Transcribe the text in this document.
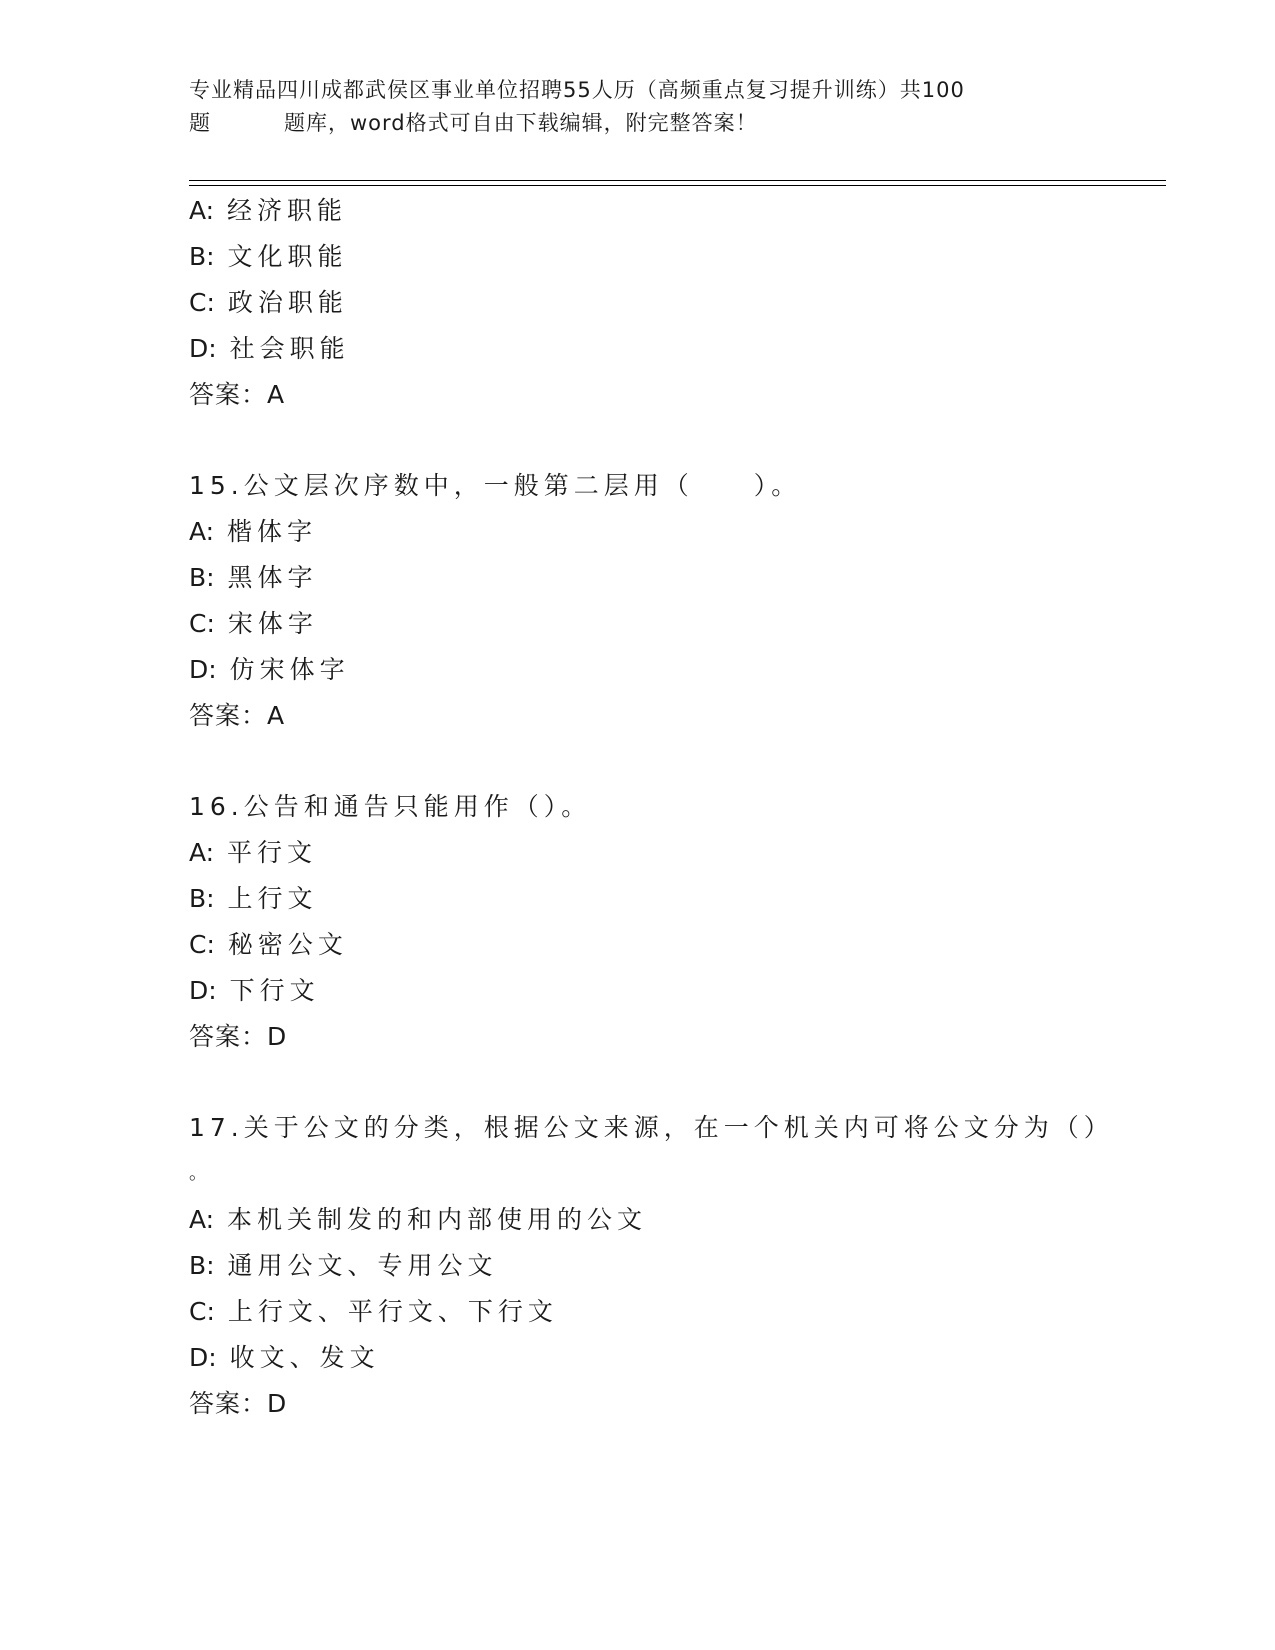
专业精品四川成都武侯区事业单位招聘55人历（高频重点复习提升训练）共100
题	题库，word格式可自由下载编辑，附完整答案！
A: 经济职能
B: 文化职能
C: 政治职能
D: 社会职能
答案：A
15.公文层次序数中，一般第二层用（　　）。
A: 楷体字
B: 黑体字
C: 宋体字
D: 仿宋体字
答案：A
16.公告和通告只能用作（）。
A: 平行文
B: 上行文
C: 秘密公文
D: 下行文
答案：D
17.关于公文的分类，根据公文来源，在一个机关内可将公文分为（）
。
A: 本机关制发的和内部使用的公文
B: 通用公文、专用公文
C: 上行文、平行文、下行文
D: 收文、发文
答案：D
